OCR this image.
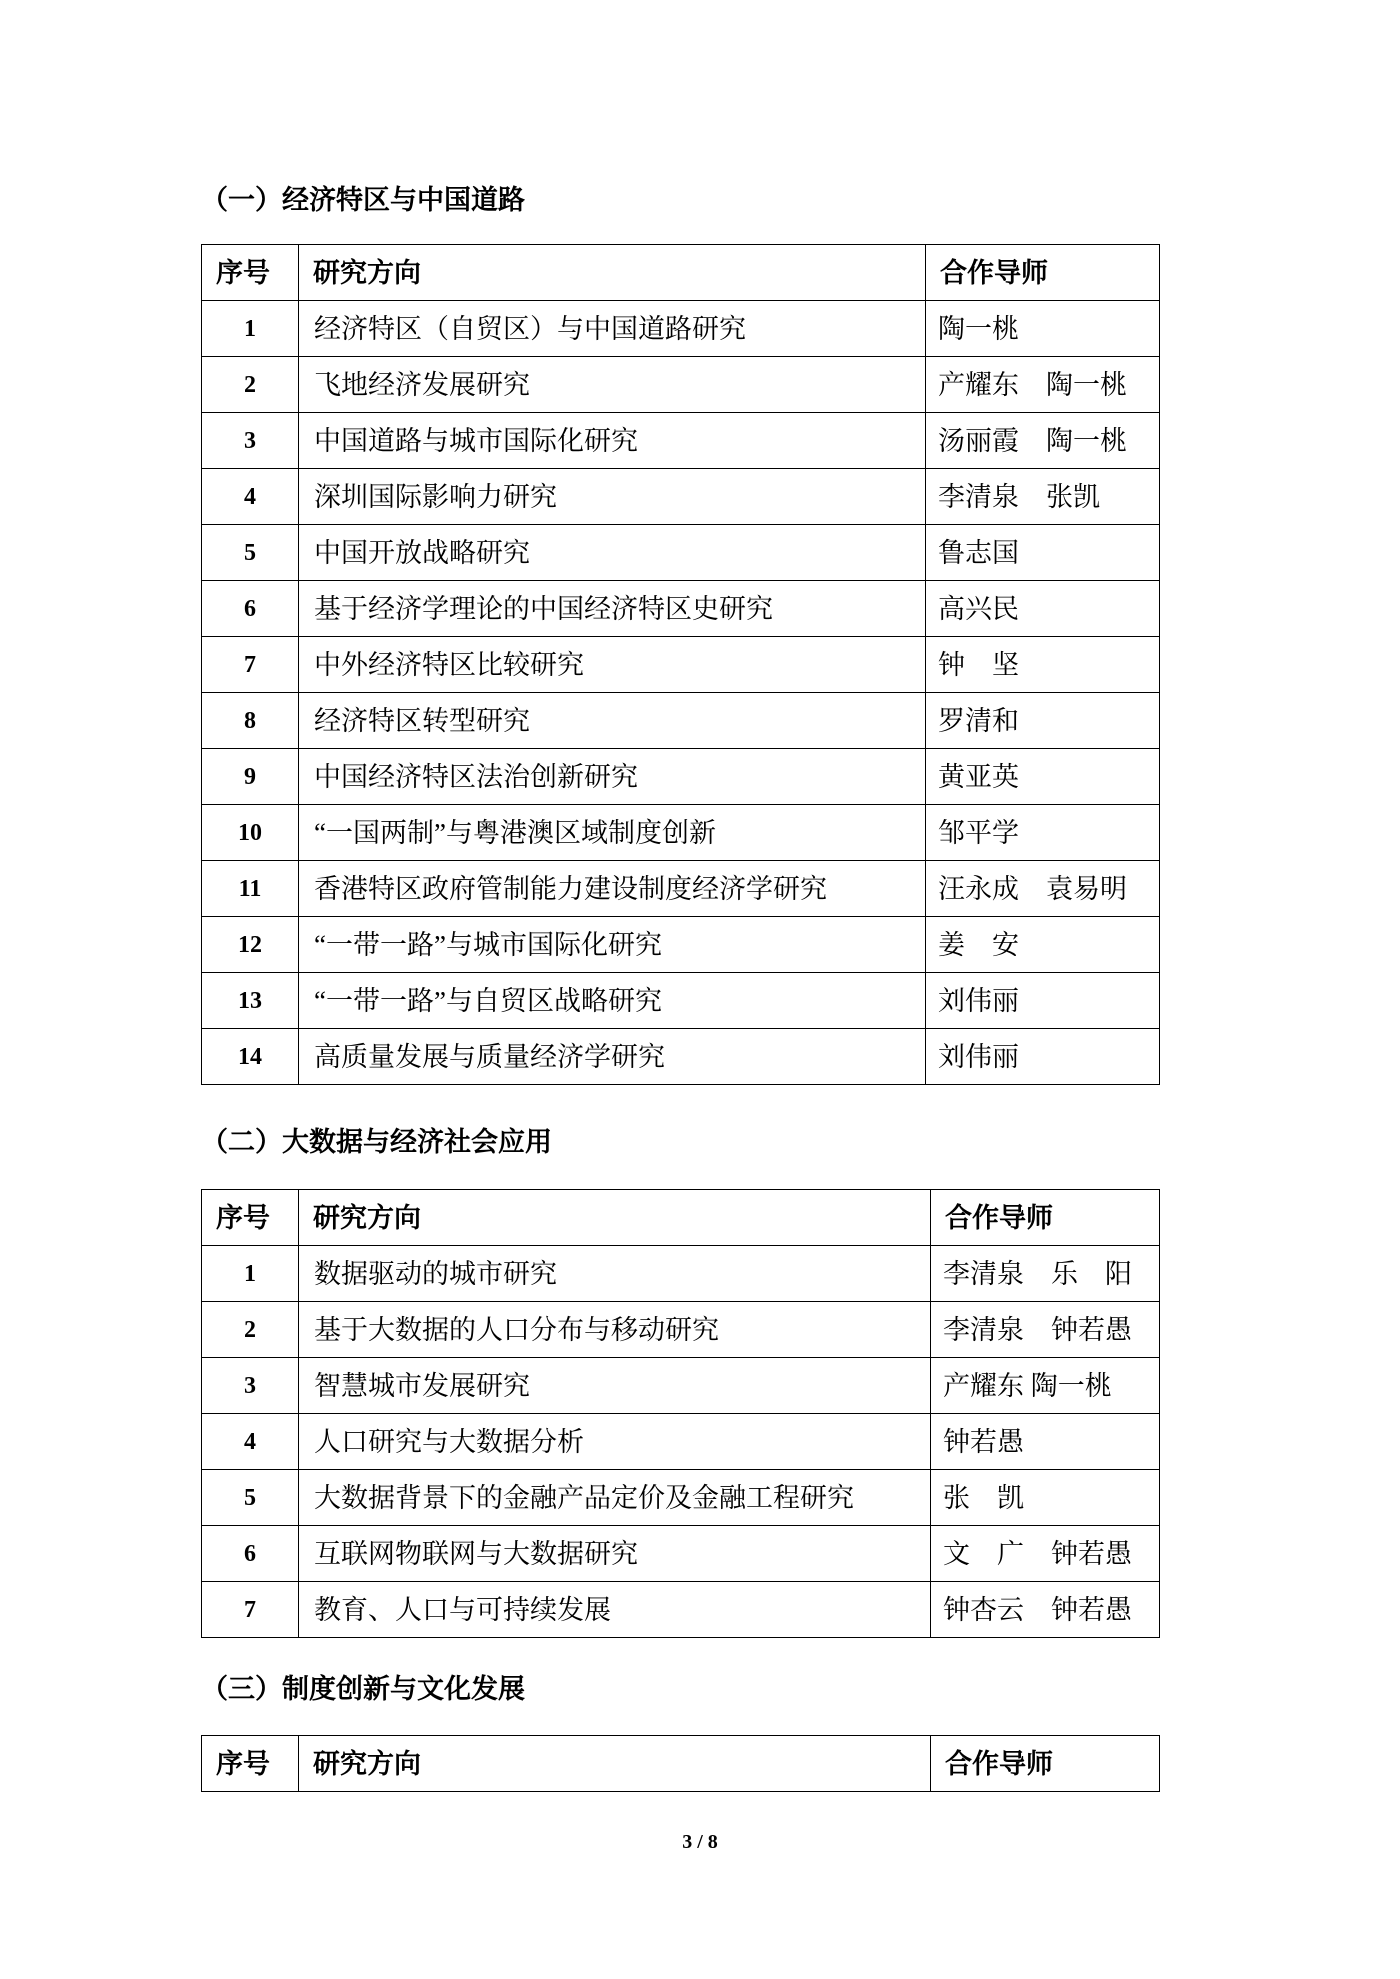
（一）经济特区与中国道路
序号	研究方向	合作导师
1	经济特区（自贸区）与中国道路研究	陶一桃
2	飞地经济发展研究	产耀东　陶一桃
3	中国道路与城市国际化研究	汤丽霞　陶一桃
4	深圳国际影响力研究	李清泉　张凯
5	中国开放战略研究	鲁志国
6	基于经济学理论的中国经济特区史研究	高兴民
7	中外经济特区比较研究	钟　坚
8	经济特区转型研究	罗清和
9	中国经济特区法治创新研究	黄亚英
10	“一国两制”与粤港澳区域制度创新	邹平学
11	香港特区政府管制能力建设制度经济学研究	汪永成　袁易明
12	“一带一路”与城市国际化研究	姜　安
13	“一带一路”与自贸区战略研究	刘伟丽
14	高质量发展与质量经济学研究	刘伟丽
（二）大数据与经济社会应用
序号	研究方向	合作导师
1	数据驱动的城市研究	李清泉　乐　阳
2	基于大数据的人口分布与移动研究	李清泉　钟若愚
3	智慧城市发展研究	产耀东 陶一桃
4	人口研究与大数据分析	钟若愚
5	大数据背景下的金融产品定价及金融工程研究	张　凯
6	互联网物联网与大数据研究	文　广　钟若愚
7	教育、人口与可持续发展	钟杏云　钟若愚
（三）制度创新与文化发展
序号	研究方向	合作导师
3 / 8
